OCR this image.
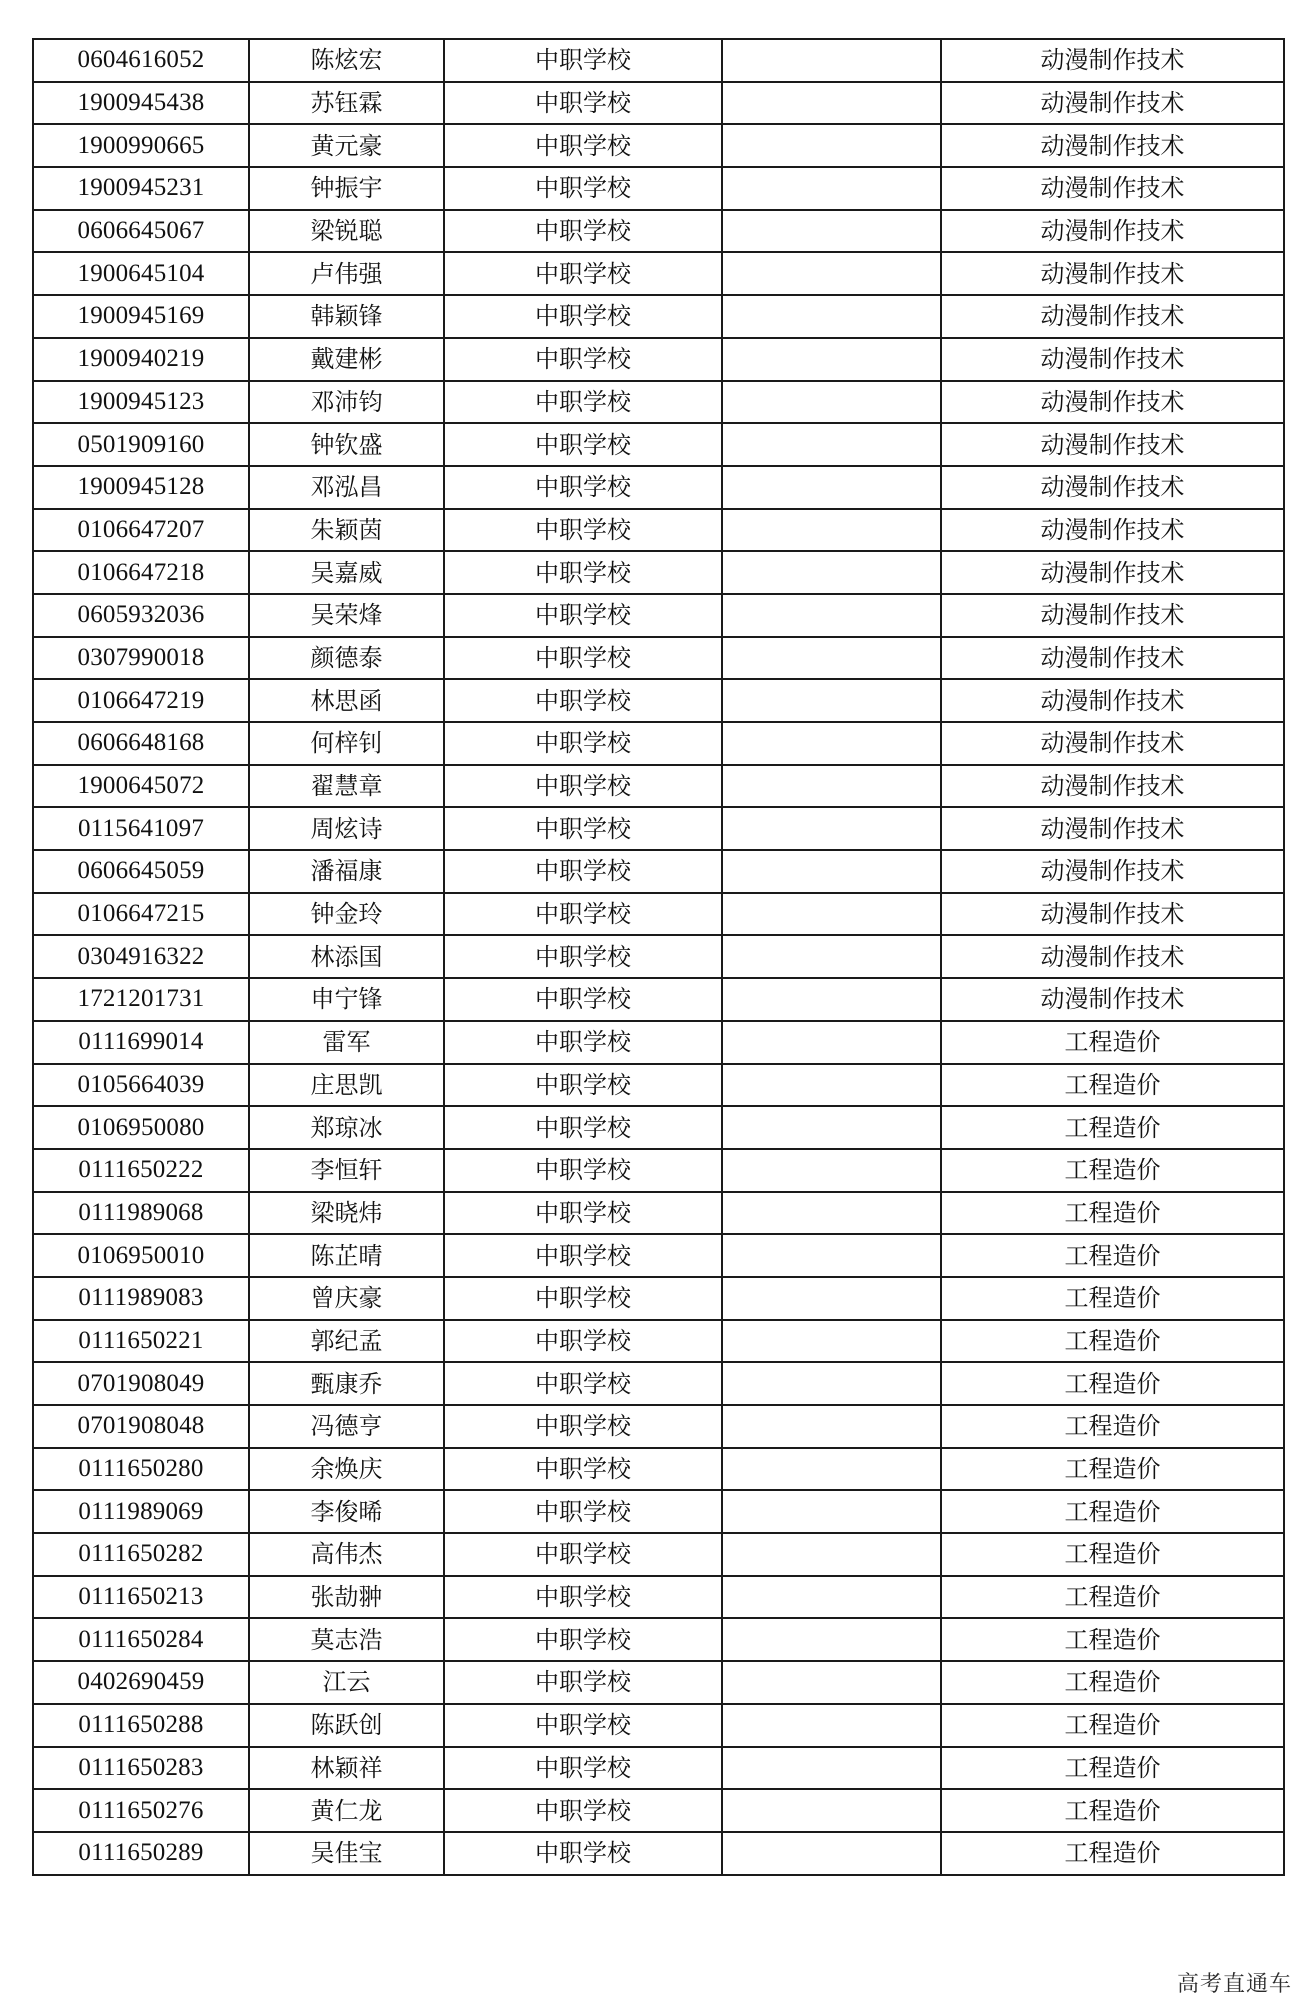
0604616052	陈炫宏	中职学校		动漫制作技术
1900945438	苏钰霖	中职学校		动漫制作技术
1900990665	黄元豪	中职学校		动漫制作技术
1900945231	钟振宇	中职学校		动漫制作技术
0606645067	梁锐聪	中职学校		动漫制作技术
1900645104	卢伟强	中职学校		动漫制作技术
1900945169	韩颖锋	中职学校		动漫制作技术
1900940219	戴建彬	中职学校		动漫制作技术
1900945123	邓沛钧	中职学校		动漫制作技术
0501909160	钟钦盛	中职学校		动漫制作技术
1900945128	邓泓昌	中职学校		动漫制作技术
0106647207	朱颖茵	中职学校		动漫制作技术
0106647218	吴嘉威	中职学校		动漫制作技术
0605932036	吴荣烽	中职学校		动漫制作技术
0307990018	颜德泰	中职学校		动漫制作技术
0106647219	林思函	中职学校		动漫制作技术
0606648168	何梓钊	中职学校		动漫制作技术
1900645072	翟慧章	中职学校		动漫制作技术
0115641097	周炫诗	中职学校		动漫制作技术
0606645059	潘福康	中职学校		动漫制作技术
0106647215	钟金玲	中职学校		动漫制作技术
0304916322	林添国	中职学校		动漫制作技术
1721201731	申宁锋	中职学校		动漫制作技术
0111699014	雷军	中职学校		工程造价
0105664039	庄思凯	中职学校		工程造价
0106950080	郑琼冰	中职学校		工程造价
0111650222	李恒轩	中职学校		工程造价
0111989068	梁晓炜	中职学校		工程造价
0106950010	陈芷晴	中职学校		工程造价
0111989083	曾庆豪	中职学校		工程造价
0111650221	郭纪孟	中职学校		工程造价
0701908049	甄康乔	中职学校		工程造价
0701908048	冯德亨	中职学校		工程造价
0111650280	余焕庆	中职学校		工程造价
0111989069	李俊晞	中职学校		工程造价
0111650282	高伟杰	中职学校		工程造价
0111650213	张劼翀	中职学校		工程造价
0111650284	莫志浩	中职学校		工程造价
0402690459	江云	中职学校		工程造价
0111650288	陈跃创	中职学校		工程造价
0111650283	林颖祥	中职学校		工程造价
0111650276	黄仁龙	中职学校		工程造价
0111650289	吴佳宝	中职学校		工程造价
高考直通车
